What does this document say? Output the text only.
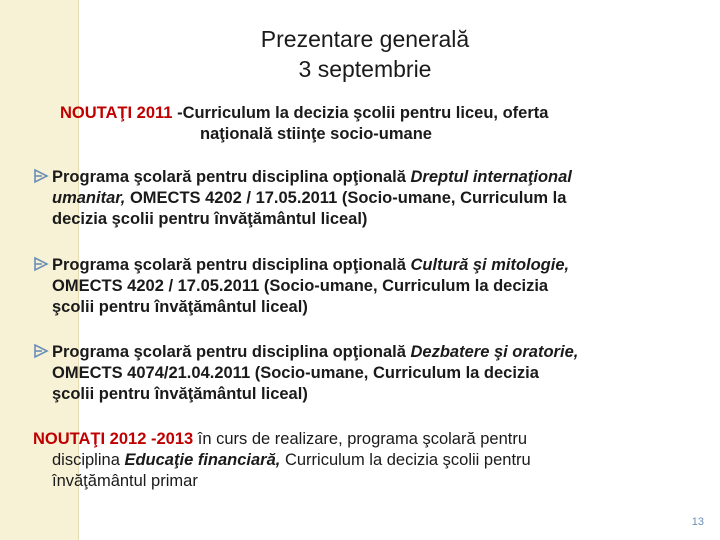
Prezentare generală
3 septembrie
NOUTAŢI 2011 -Curriculum la decizia şcolii pentru liceu, oferta
naţională stiinţe socio-umane
Programa şcolară pentru disciplina opţională Dreptul internaţional
umanitar, OMECTS 4202 / 17.05.2011 (Socio-umane, Curriculum la
decizia şcolii pentru învăţământul liceal)
Programa şcolară pentru disciplina opţională Cultură şi mitologie,
OMECTS 4202 / 17.05.2011 (Socio-umane, Curriculum la decizia
şcolii pentru învăţământul liceal)
Programa şcolară pentru disciplina opţională Dezbatere şi oratorie,
OMECTS 4074/21.04.2011 (Socio-umane, Curriculum la decizia
şcolii pentru învăţământul liceal)
NOUTAŢI 2012 -2013 în curs de realizare, programa şcolară pentru
disciplina Educaţie financiară, Curriculum la decizia şcolii pentru
învăţământul primar
13
